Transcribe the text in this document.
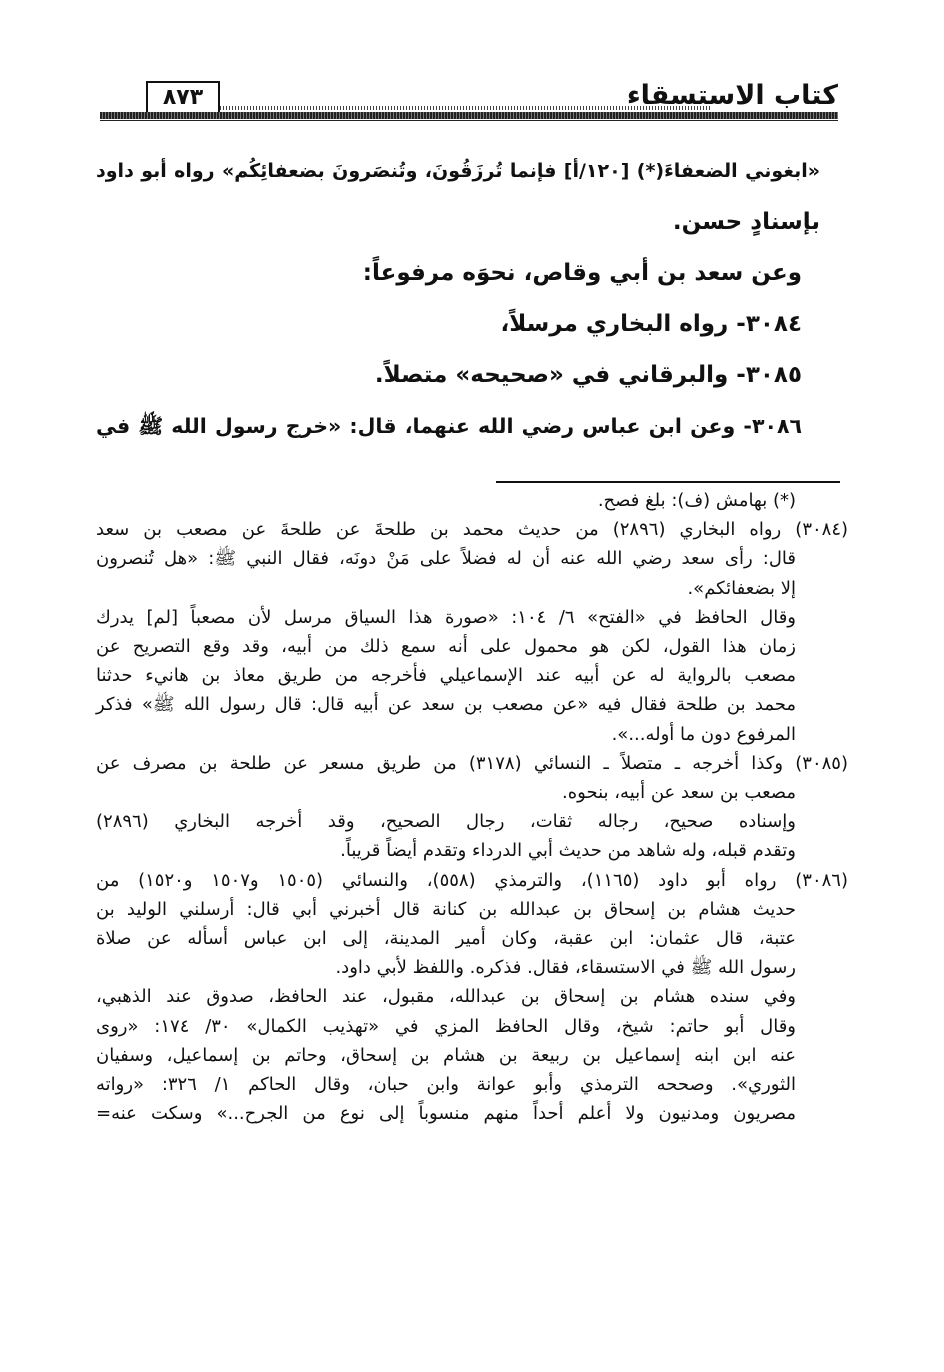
كتاب الاستسقاء
٨٧٣
«ابغوني الضعفاءَ(*) [١٢٠/أ] فإنما تُرزَقُونَ، وتُنصَرونَ بضعفائِكُم» رواه أبو داود
بإسنادٍ حسن.
وعن سعد بن أبي وقاص، نحوَه مرفوعاً:
٣٠٨٤- رواه البخاري مرسلاً،
٣٠٨٥- والبرقاني في «صحيحه» متصلاً.
٣٠٨٦- وعن ابن عباس رضي الله عنهما، قال: «خرج رسول الله ﷺ في
(*) بهامش (ف): بلغ فصح.
(٣٠٨٤) رواه البخاري (٢٨٩٦) من حديث محمد بن طلحةَ عن طلحةَ عن مصعب بن سعد
قال: رأى سعد رضي الله عنه أن له فضلاً على مَنْ دونَه، فقال النبي ﷺ: «هل تُنصرون
إلا بضعفائكم».
وقال الحافظ في «الفتح» ٦/ ١٠٤: «صورة هذا السياق مرسل لأن مصعباً [لم] يدرك
زمان هذا القول، لكن هو محمول على أنه سمع ذلك من أبيه، وقد وقع التصريح عن
مصعب بالرواية له عن أبيه عند الإسماعيلي فأخرجه من طريق معاذ بن هانيء حدثنا
محمد بن طلحة فقال فيه «عن مصعب بن سعد عن أبيه قال: قال رسول الله ﷺ» فذكر
المرفوع دون ما أوله...».
(٣٠٨٥) وكذا أخرجه ـ متصلاً ـ النسائي (٣١٧٨) من طريق مسعر عن طلحة بن مصرف عن
مصعب بن سعد عن أبيه، بنحوه.
وإسناده صحيح، رجاله ثقات، رجال الصحيح، وقد أخرجه البخاري (٢٨٩٦)
وتقدم قبله، وله شاهد من حديث أبي الدرداء وتقدم أيضاً قريباً.
(٣٠٨٦) رواه أبو داود (١١٦٥)، والترمذي (٥٥٨)، والنسائي (١٥٠٥ و١٥٠٧ و١٥٢٠) من
حديث هشام بن إسحاق بن عبدالله بن كنانة قال أخبرني أبي قال: أرسلني الوليد بن
عتبة، قال عثمان: ابن عقبة، وكان أمير المدينة، إلى ابن عباس أسأله عن صلاة
رسول الله ﷺ في الاستسقاء، فقال. فذكره. واللفظ لأبي داود.
وفي سنده هشام بن إسحاق بن عبدالله، مقبول، عند الحافظ، صدوق عند الذهبي،
وقال أبو حاتم: شيخ، وقال الحافظ المزي في «تهذيب الكمال» ٣٠/ ١٧٤: «روى
عنه ابن ابنه إسماعيل بن ربيعة بن هشام بن إسحاق، وحاتم بن إسماعيل، وسفيان
الثوري». وصححه الترمذي وأبو عوانة وابن حبان، وقال الحاكم ١/ ٣٢٦: «رواته
مصريون ومدنيون ولا أعلم أحداً منهم منسوباً إلى نوع من الجرح...» وسكت عنه=
